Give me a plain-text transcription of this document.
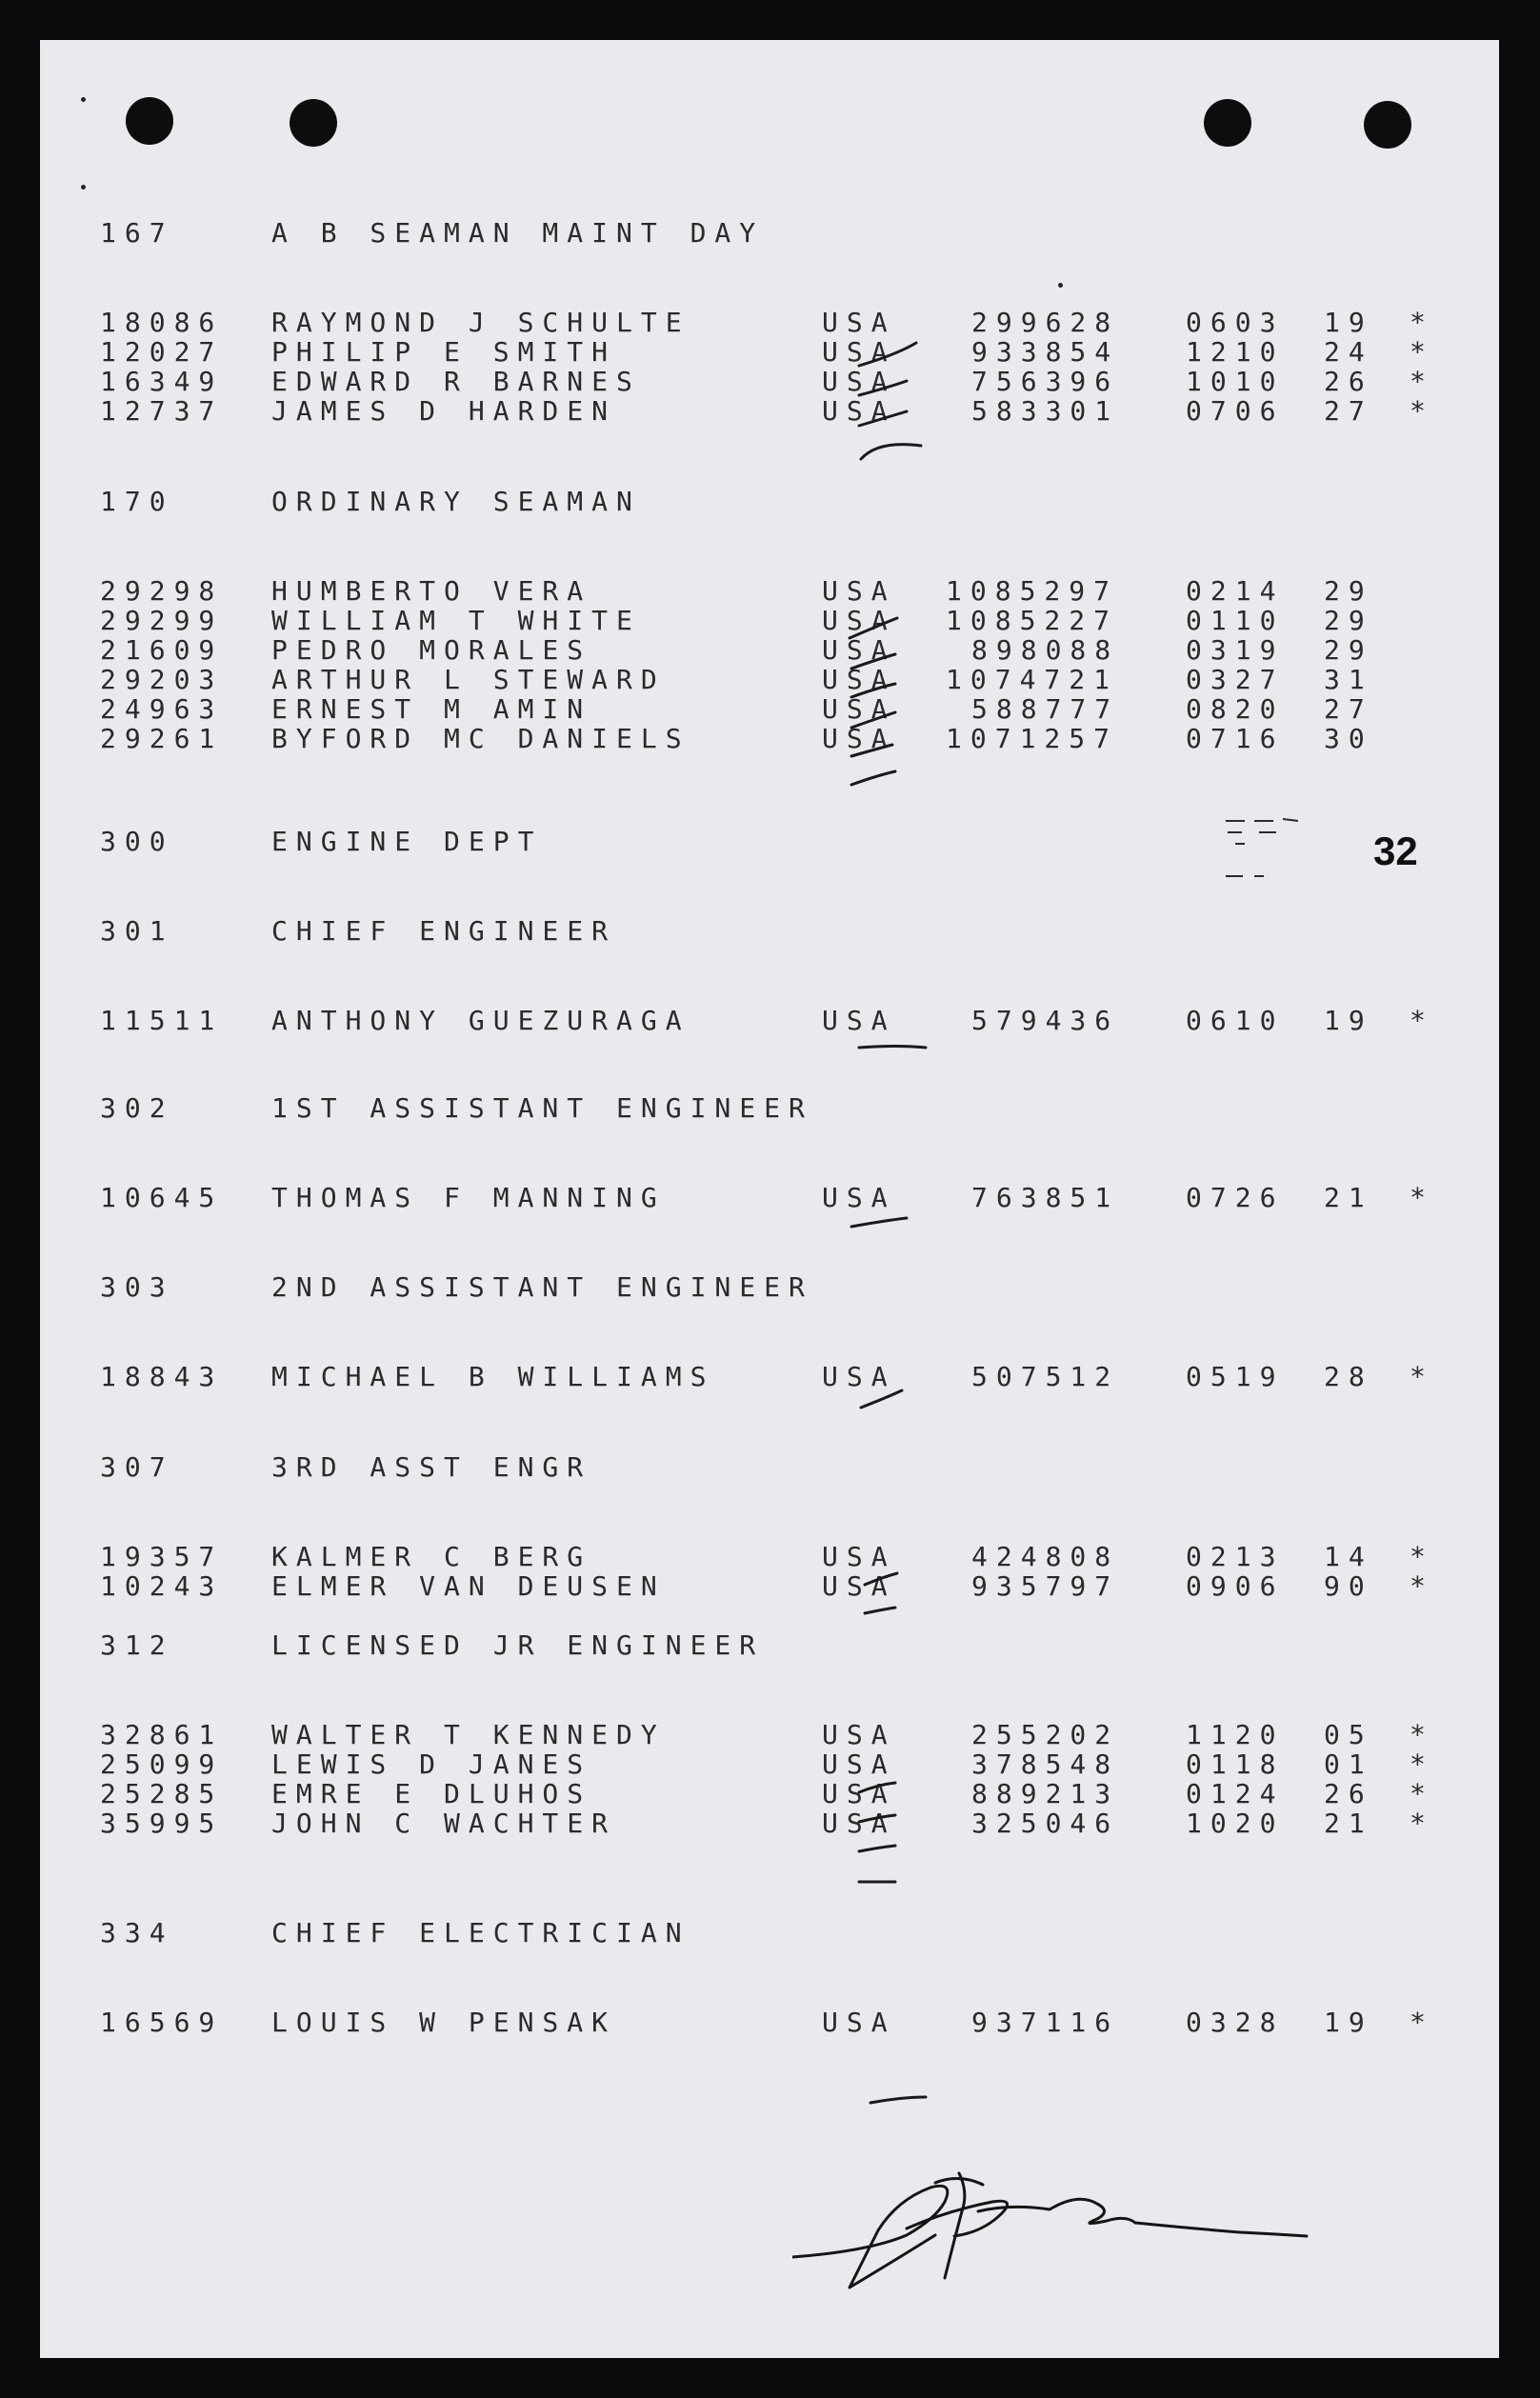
167	A B SEAMAN MAINT DAY
18086 RAYMOND J SCHULTE	USA	299628 0603 19 *
12027 PHILIP E SMITH	USA	933854 1210 24 *
16349 EDWARD R BARNES	USA	756396 1010 26 *
12737 JAMES D HARDEN	USA	583301 0706 27 *
170	ORDINARY SEAMAN
29298 HUMBERTO VERA	USA 1085297	0214 29
29299 WILLIAM T WHITE	USA 1085227	0110 29
21609 PEDRO MORALES	USA	898088 0319 29
29203 ARTHUR L STEWARD	USA 1074721	0327 31
24963 ERNEST M AMIN	USA	588777 0820 27
29261 BYFORD MC DANIELS	USA 1071257	0716 30
300	ENGINE DEPT
301	CHIEF ENGINEER
11511 ANTHONY GUEZURAGA	USA	579436 0610 19 *
302	1ST ASSISTANT ENGINEER
10645 THOMAS F MANNING	USA	763851 0726 21 *
303	2ND ASSISTANT ENGINEER
18843 MICHAEL B WILLIAMS	USA	507512 0519 28 *
307	3RD ASST ENGR
19357 KALMER C BERG	USA	424808 0213 14 *
10243 ELMER VAN DEUSEN	USA	935797 0906 90 *
312	LICENSED JR ENGINEER
32861 WALTER T KENNEDY	USA	255202 1120 05 *
25099 LEWIS D JANES	USA	378548 0118 01 *
25285 EMRE E DLUHOS	USA	889213 0124 26 *
35995 JOHN C WACHTER	USA	325046 1020 21 *
334	CHIEF ELECTRICIAN
16569 LOUIS W PENSAK	USA	937116 0328 19 *
32
